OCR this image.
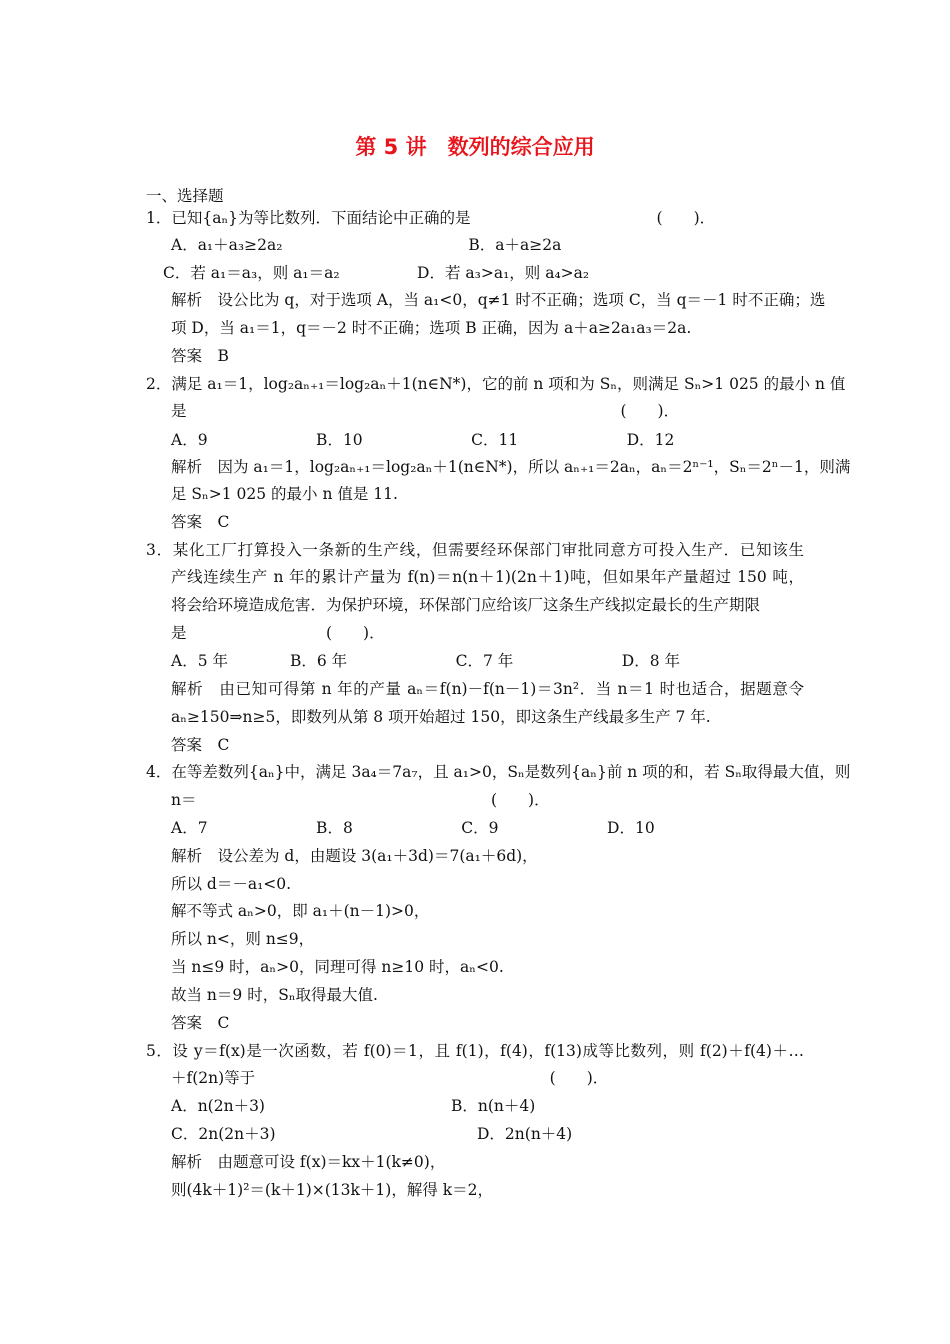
第 5 讲　数列的综合应用
一、选择题
1．已知{aₙ}为等比数列．下面结论中正确的是　　　　　　　　　　　　(　　)．
A．a₁＋a₃≥2a₂　　　　　　　　　　　　B．a＋a≥2a
C．若 a₁＝a₃，则 a₁＝a₂　　　　　D．若 a₃>a₁，则 a₄>a₂
解析　设公比为 q，对于选项 A，当 a₁<0，q≠1 时不正确；选项 C，当 q＝－1 时不正确；选
项 D，当 a₁＝1，q＝－2 时不正确；选项 B 正确，因为 a＋a≥2a₁a₃＝2a.
答案　B
2．满足 a₁＝1，log₂aₙ₊₁＝log₂aₙ＋1(n∈N*)，它的前 n 项和为 Sₙ，则满足 Sₙ>1 025 的最小 n 值
是　　　　　　　　　　　　　　　　　　　　　　　　　　　　(　　)．
A．9　　　　　　　B．10　　　　　　　C．11　　　　　　　D．12
解析　因为 a₁＝1，log₂aₙ₊₁＝log₂aₙ＋1(n∈N*)，所以 aₙ₊₁＝2aₙ，aₙ＝2ⁿ⁻¹，Sₙ＝2ⁿ－1，则满
足 Sₙ>1 025 的最小 n 值是 11.
答案　C
3．某化工厂打算投入一条新的生产线，但需要经环保部门审批同意方可投入生产．已知该生
产线连续生产 n 年的累计产量为 f(n)＝n(n＋1)(2n＋1)吨，但如果年产量超过 150 吨，
将会给环境造成危害．为保护环境，环保部门应给该厂这条生产线拟定最长的生产期限
是　　　　　　　　　(　　)．
A．5 年　　　　B．6 年　　　　　　　C．7 年　　　　　　　D．8 年
解析　由已知可得第 n 年的产量 aₙ＝f(n)－f(n－1)＝3n²．当 n＝1 时也适合，据题意令
aₙ≥150⇒n≥5，即数列从第 8 项开始超过 150，即这条生产线最多生产 7 年.
答案　C
4．在等差数列{aₙ}中，满足 3a₄＝7a₇，且 a₁>0，Sₙ是数列{aₙ}前 n 项的和，若 Sₙ取得最大值，则
n＝　　　　　　　　　　　　　　　　　　　(　　)．
A．7　　　　　　　B．8　　　　　　　C．9　　　　　　　D．10
解析　设公差为 d，由题设 3(a₁＋3d)＝7(a₁＋6d)，
所以 d＝－a₁<0.
解不等式 aₙ>0，即 a₁＋(n－1)>0，
所以 n<，则 n≤9，
当 n≤9 时，aₙ>0，同理可得 n≥10 时，aₙ<0.
故当 n＝9 时，Sₙ取得最大值.
答案　C
5．设 y＝f(x)是一次函数，若 f(0)＝1，且 f(1)，f(4)，f(13)成等比数列，则 f(2)＋f(4)＋…
＋f(2n)等于　　　　　　　　　　　　　　　　　　　(　　)．
A．n(2n＋3)　　　　　　　　　　　　B．n(n＋4)
C．2n(2n＋3)　　　　　　　　　　　　　D．2n(n＋4)
解析　由题意可设 f(x)＝kx＋1(k≠0)，
则(4k＋1)²＝(k＋1)×(13k＋1)，解得 k＝2，
